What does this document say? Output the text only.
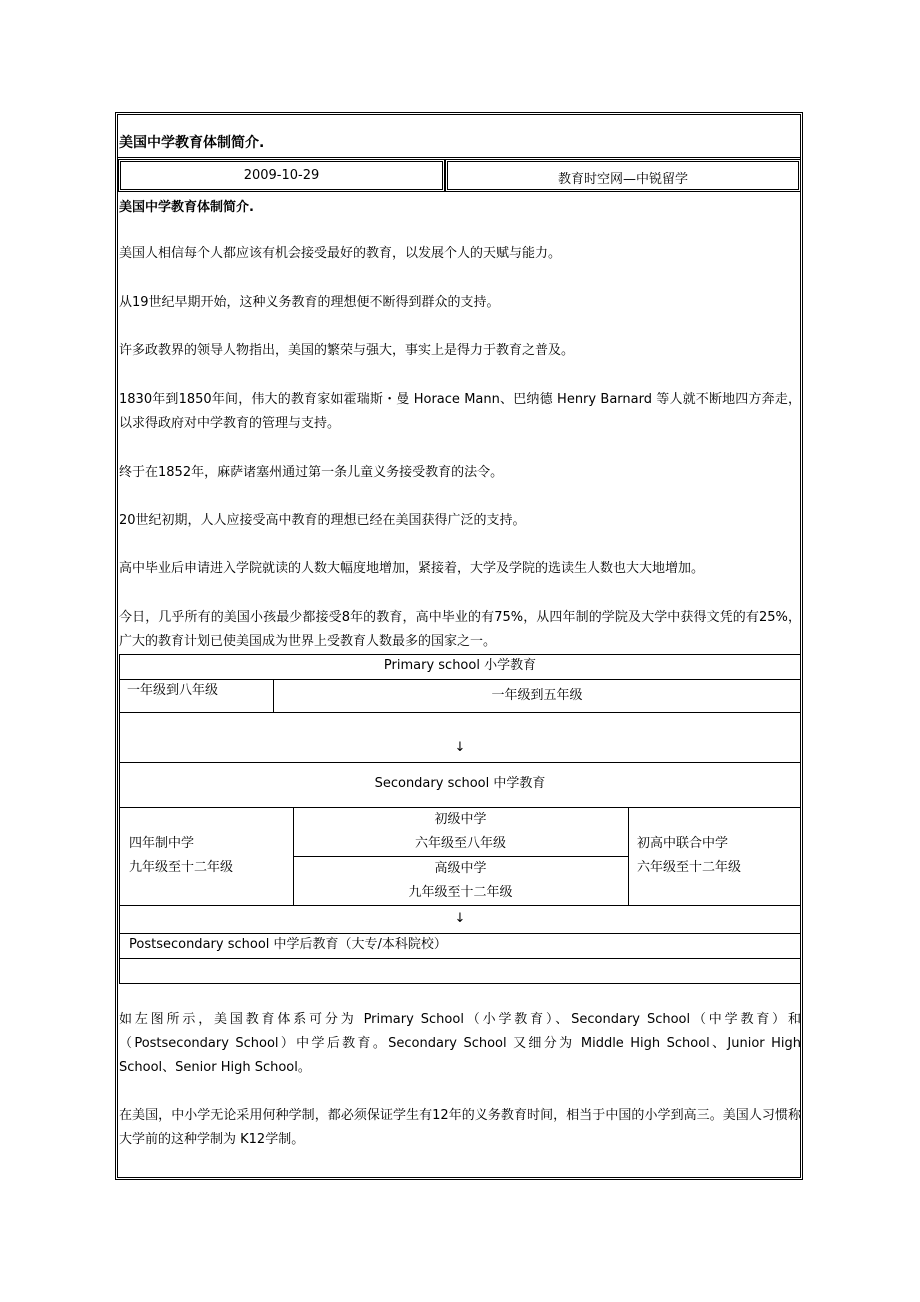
美国中学教育体制简介.
2009-10-29	教育时空网—中锐留学
美国中学教育体制简介.
美国人相信每个人都应该有机会接受最好的教育，以发展个人的天赋与能力。
从19世纪早期开始，这种义务教育的理想便不断得到群众的支持。
许多政教界的领导人物指出，美国的繁荣与强大，事实上是得力于教育之普及。
1830年到1850年间，伟大的教育家如霍瑞斯・曼 Horace Mann、巴纳德 Henry Barnard 等人就不断地四方奔走，以求得政府对中学教育的管理与支持。
终于在1852年，麻萨诸塞州通过第一条儿童义务接受教育的法令。
20世纪初期，人人应接受高中教育的理想已经在美国获得广泛的支持。
高中毕业后申请进入学院就读的人数大幅度地增加，紧接着，大学及学院的选读生人数也大大地增加。
今日，几乎所有的美国小孩最少都接受8年的教育，高中毕业的有75%，从四年制的学院及大学中获得文凭的有25%，广大的教育计划已使美国成为世界上受教育人数最多的国家之一。
Primary school 小学教育
一年级到八年级	一年级到五年级
↓
Secondary school 中学教育
四年制中学
九年级至十二年级
初级中学
六年级至八年级
高级中学
九年级至十二年级
初高中联合中学
六年级至十二年级
↓
Postsecondary school 中学后教育（大专/本科院校）
如左图所示，美国教育体系可分为 Primary School（小学教育）、Secondary School（中学教育）和（Postsecondary School）中学后教育。Secondary School 又细分为 Middle High School、Junior High School、Senior High School。
在美国，中小学无论采用何种学制，都必须保证学生有12年的义务教育时间，相当于中国的小学到高三。美国人习惯称大学前的这种学制为 K12学制。
